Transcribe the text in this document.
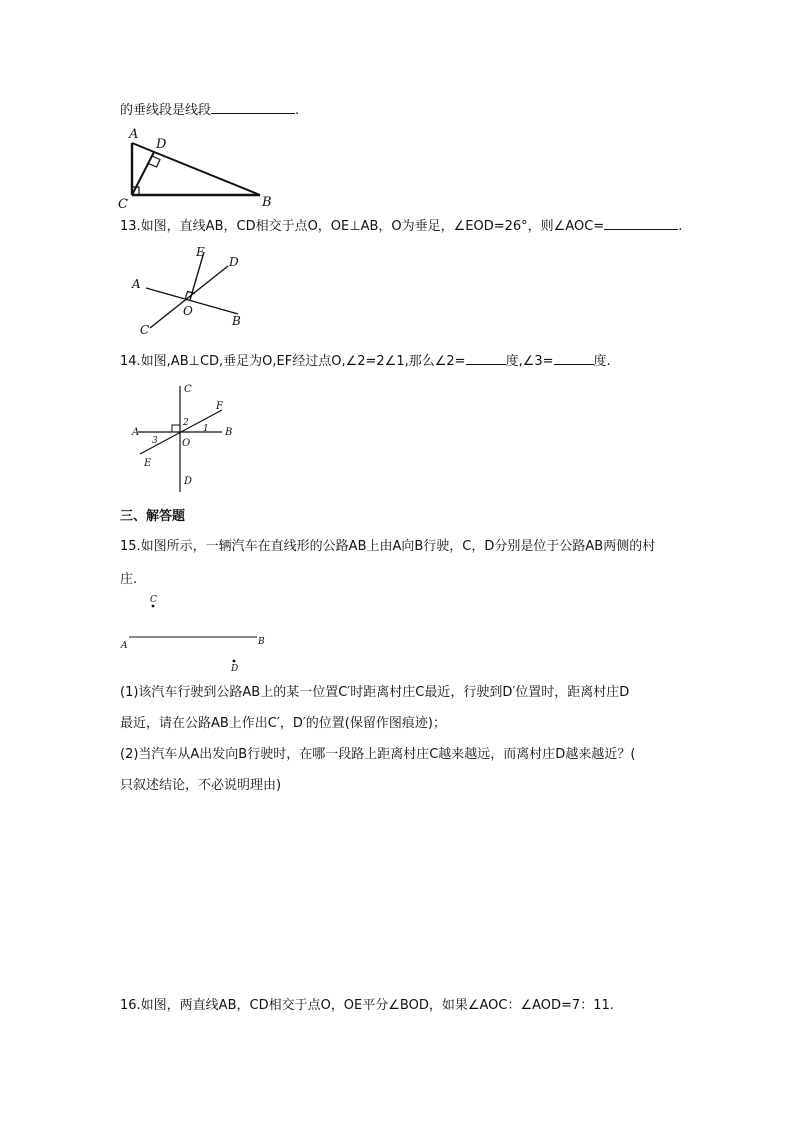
的垂线段是线段	.
A
D
C	B
13.如图，直线AB，CD相交于点O，OE⊥AB，O为垂足，∠EOD=26°，则∠AOC=	.
A
B
C
D
E
O
14.如图,AB⊥CD,垂足为O,EF经过点O,∠2=2∠1,那么∠2=	度,∠3=	度.
A	B
C
D
E
F
O
1
2
3
三、解答题
15.如图所示，一辆汽车在直线形的公路AB上由A向B行驶，C，D分别是位于公路AB两侧的村
庄.
C
A	B
D
(1)该汽车行驶到公路AB上的某一位置C′时距离村庄C最近，行驶到D′位置时，距离村庄D
最近，请在公路AB上作出C′，D′的位置(保留作图痕迹)；
(2)当汽车从A出发向B行驶时，在哪一段路上距离村庄C越来越远，而离村庄D越来越近？(
只叙述结论，不必说明理由)
16.如图，两直线AB，CD相交于点O，OE平分∠BOD，如果∠AOC：∠AOD=7：11.
